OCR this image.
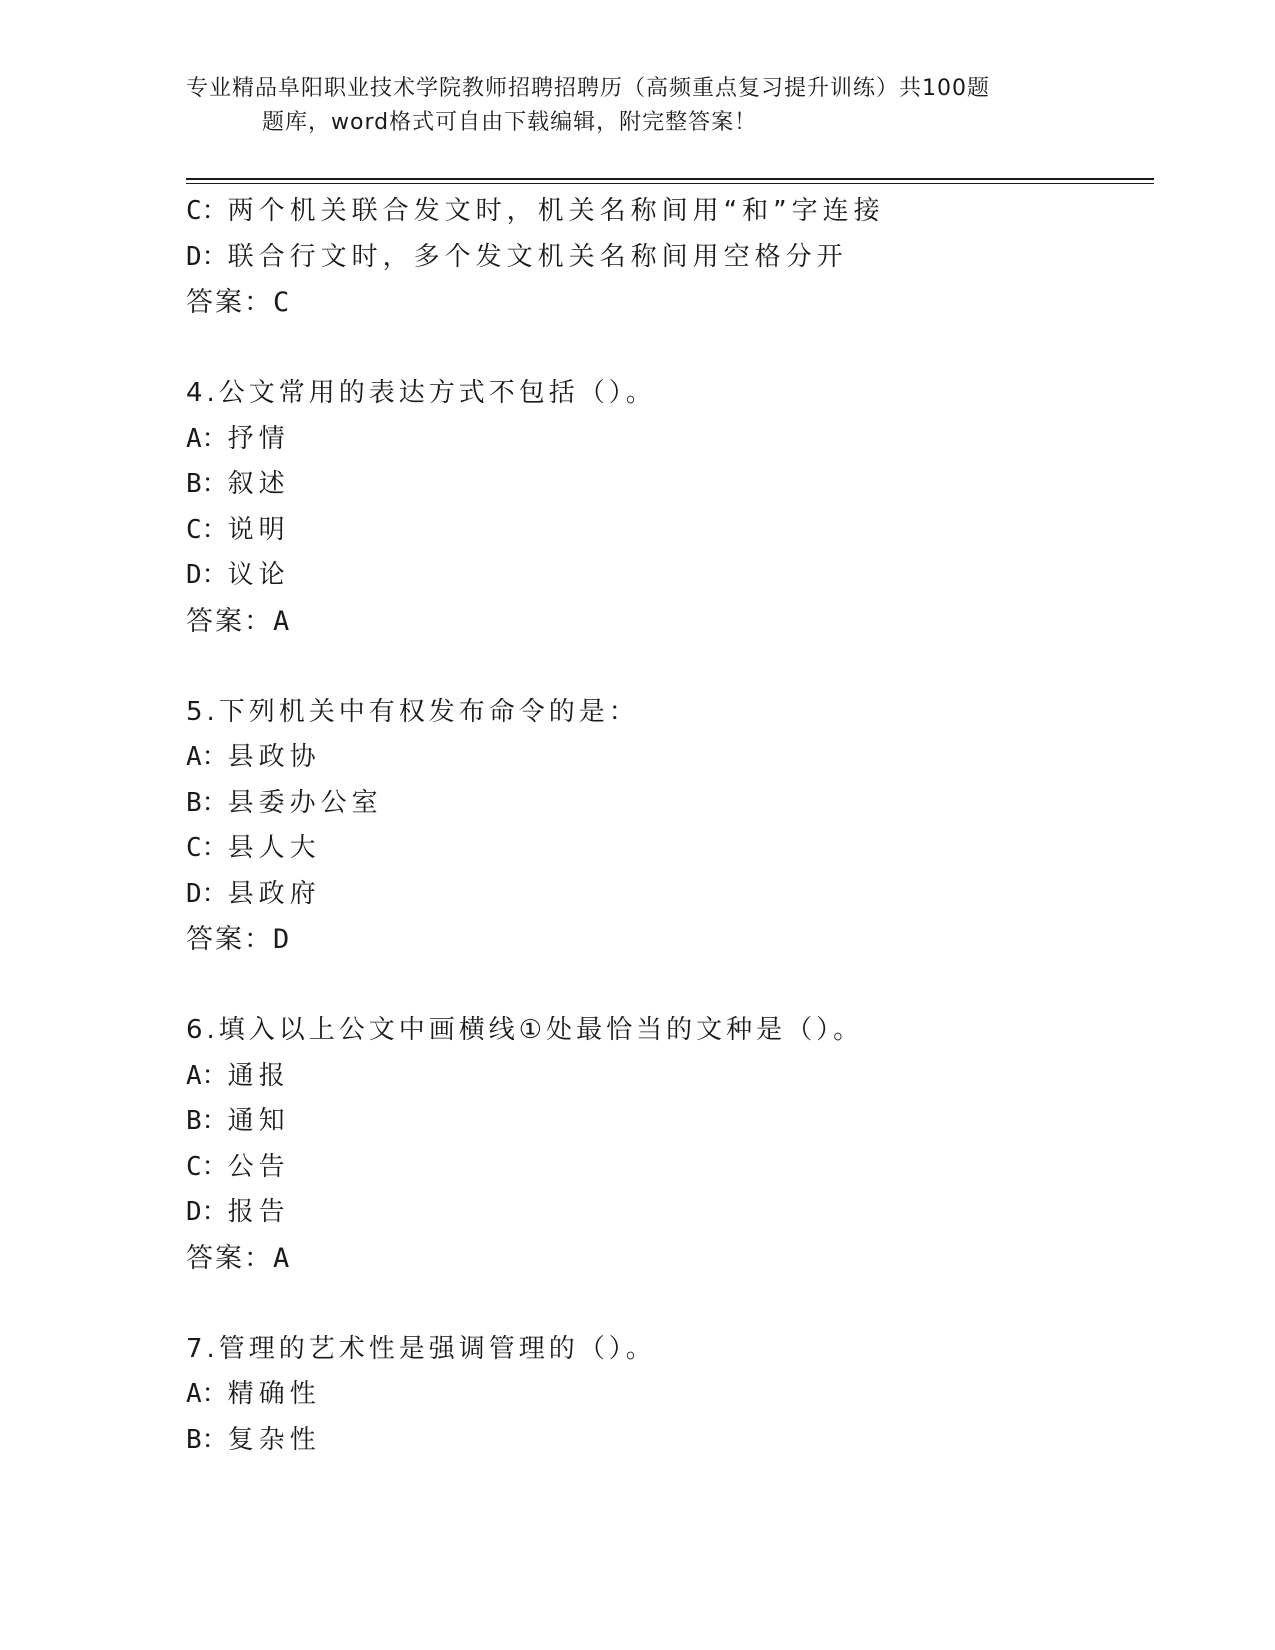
专业精品阜阳职业技术学院教师招聘招聘历（高频重点复习提升训练）共100题
题库，word格式可自由下载编辑，附完整答案！
C：两个机关联合发文时，机关名称间用“和”字连接
D：联合行文时，多个发文机关名称间用空格分开
答案：C
4.公文常用的表达方式不包括（）。
A：抒情
B：叙述
C：说明
D：议论
答案：A
5.下列机关中有权发布命令的是：
A：县政协
B：县委办公室
C：县人大
D：县政府
答案：D
6.填入以上公文中画横线①处最恰当的文种是（）。
A：通报
B：通知
C：公告
D：报告
答案：A
7.管理的艺术性是强调管理的（）。
A：精确性
B：复杂性
